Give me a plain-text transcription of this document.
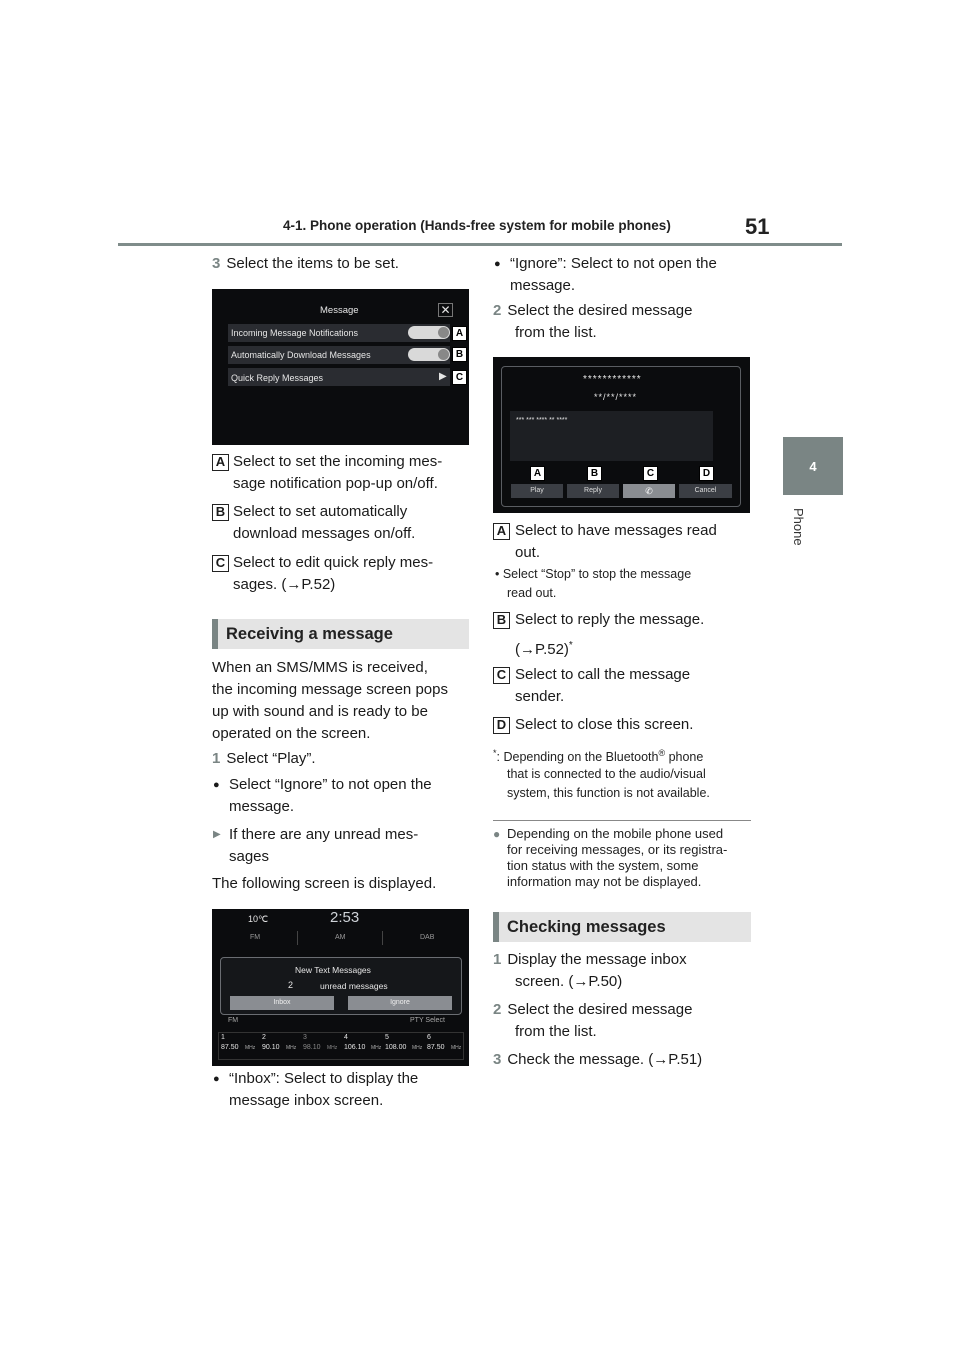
4-1. Phone operation (Hands-free system for mobile phones)	51
4
Phone
3 Select the items to be set.
Message	✕
Incoming Message Notifications
Automatically Download Messages
Quick Reply Messages	▶
A
B
C
A Select to set the incoming mes-
sage notification pop-up on/off.
B Select to set automatically
download messages on/off.
C Select to edit quick reply mes-
sages. (→P.52)
Receiving a message
When an SMS/MMS is received,
the incoming message screen pops
up with sound and is ready to be
operated on the screen.
1 Select “Play”.
● Select “Ignore” to not open the
message.
▶ If there are any unread mes-
sages
The following screen is displayed.
10℃	2:53
FM	AM	DAB
New Text Messages
2	unread messages
Inbox	Ignore
FM	PTY Select
1
87.50 MHz
2
90.10 MHz
3
98.10 MHz
4
106.10 MHz
5
108.00 MHz
6
87.50 MHz
● “Inbox”: Select to display the
message inbox screen.
● “Ignore”: Select to not open the
message.
2 Select the desired message
from the list.
************
**/**/****
*** *** **** ** ****
Play	Reply	✆	Cancel
A	B	C	D
A Select to have messages read
out.
• Select “Stop” to stop the message
read out.
B Select to reply the message.
(→P.52)*
C Select to call the message
sender.
D Select to close this screen.
*: Depending on the Bluetooth® phone
that is connected to the audio/visual
system, this function is not available.
● Depending on the mobile phone used
for receiving messages, or its registra-
tion status with the system, some
information may not be displayed.
Checking messages
1 Display the message inbox
screen. (→P.50)
2 Select the desired message
from the list.
3 Check the message. (→P.51)
